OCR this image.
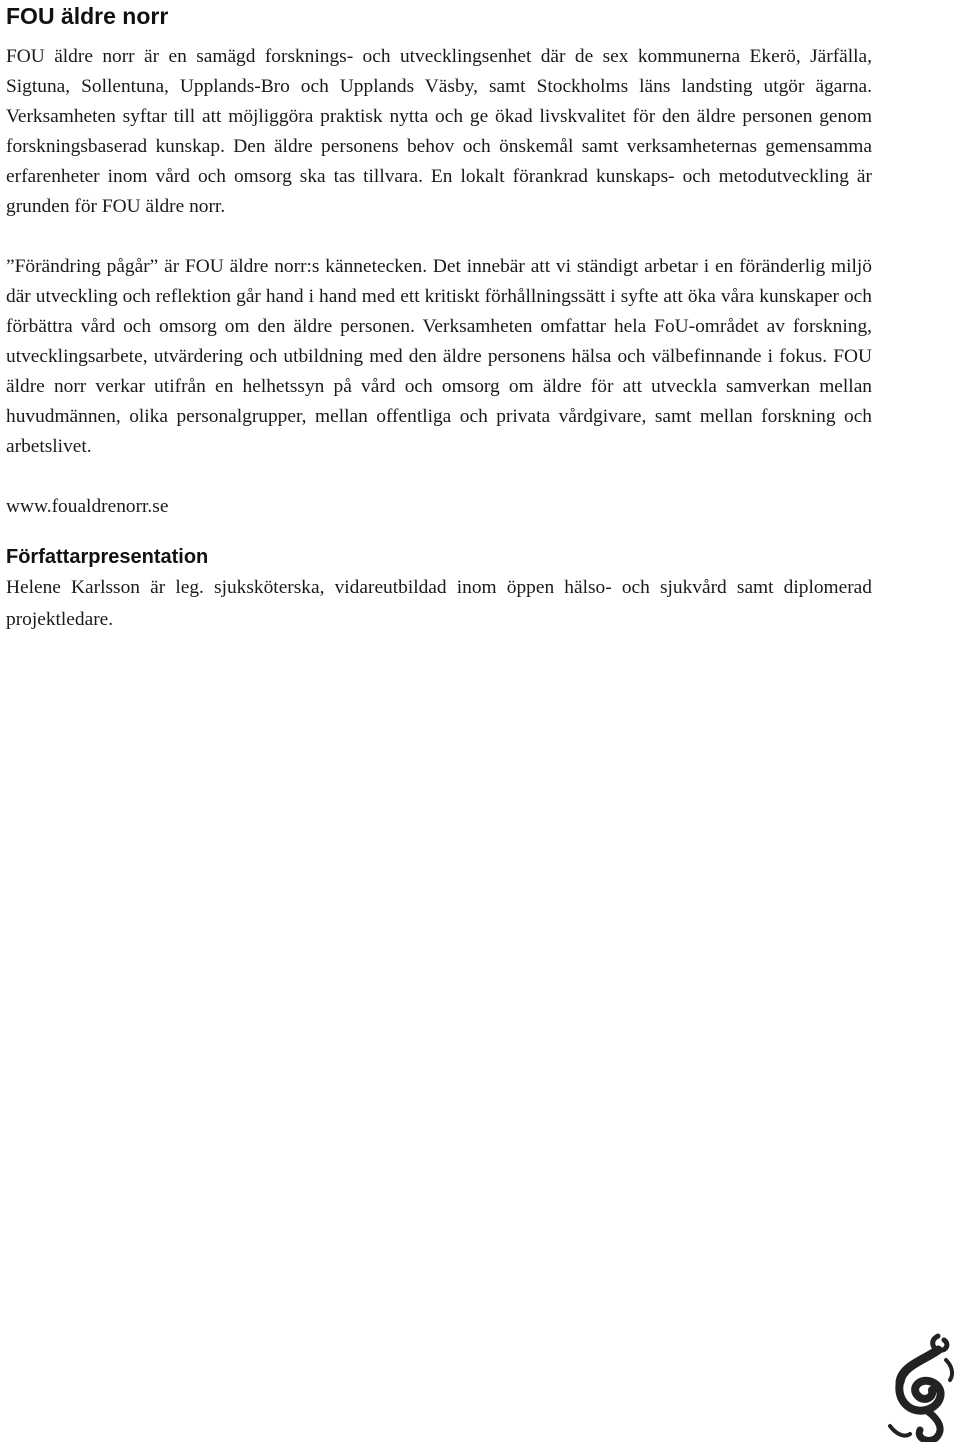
FOU äldre norr

FOU äldre norr är en samägd forsknings- och utvecklingsenhet där de sex kommunerna Ekerö, Järfälla, Sigtuna, Sollentuna, Upplands-Bro och Upplands Väsby, samt Stockholms läns landsting utgör ägarna. Verksamheten syftar till att möjliggöra praktisk nytta och ge ökad livskvalitet för den äldre personen genom forskningsbaserad kunskap. Den äldre personens behov och önskemål samt verksamheternas gemensamma erfarenheter inom vård och omsorg ska tas tillvara. En lokalt förankrad kunskaps- och metodutveckling är grunden för FOU äldre norr.

”Förändring pågår” är FOU äldre norr:s kännetecken. Det innebär att vi ständigt arbetar i en föränderlig miljö där utveckling och reflektion går hand i hand med ett kritiskt förhållningssätt i syfte att öka våra kunskaper och förbättra vård och omsorg om den äldre personen. Verksamheten omfattar hela FoU-området av forskning, utvecklingsarbete, utvärdering och utbildning med den äldre personens hälsa och välbefinnande i fokus. FOU äldre norr verkar utifrån en helhetssyn på vård och omsorg om äldre för att utveckla samverkan mellan huvudmännen, olika personalgrupper, mellan offentliga och privata vårdgivare, samt mellan forskning och arbetslivet.

www.foualdrenorr.se

Författarpresentation

Helene Karlsson är leg. sjuksköterska, vidareutbildad inom öppen hälso- och sjukvård samt diplomerad projektledare.
